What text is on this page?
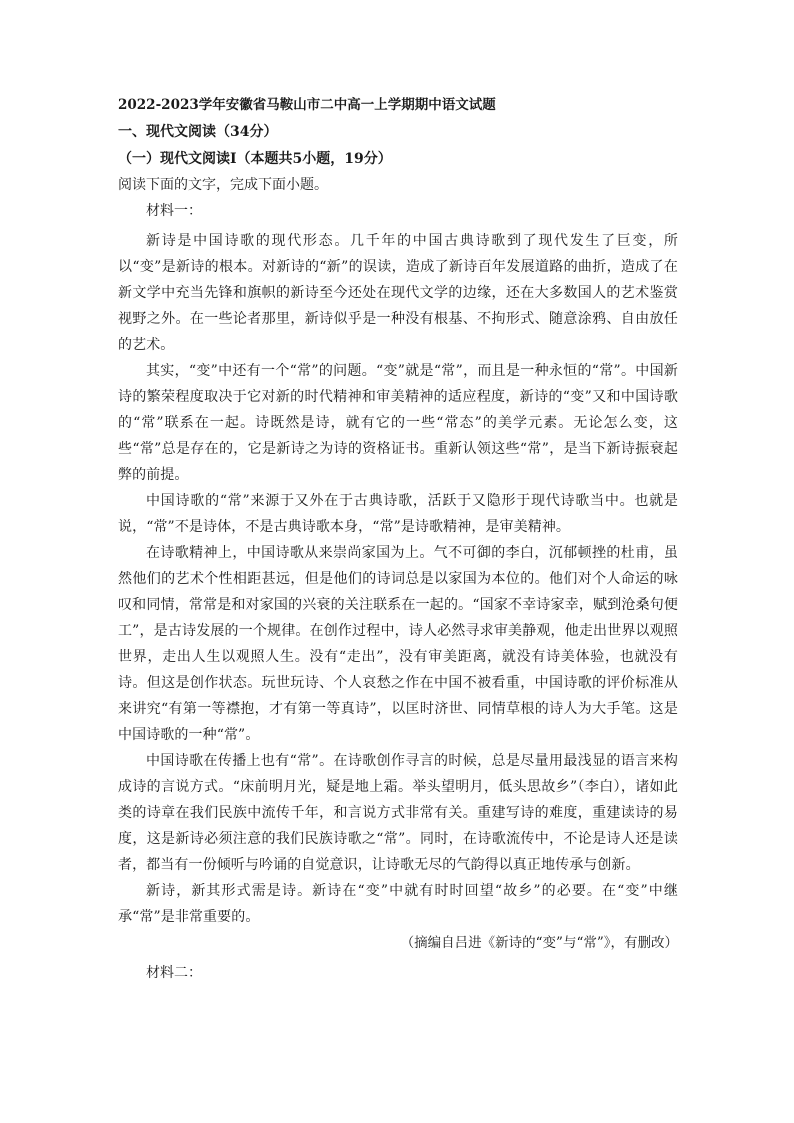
2022-2023学年安徽省马鞍山市二中高一上学期期中语文试题
一、现代文阅读（34分）
（一）现代文阅读Ⅰ（本题共5小题，19分）
阅读下面的文字，完成下面小题。
材料一：

新诗是中国诗歌的现代形态。几千年的中国古典诗歌到了现代发生了巨变，所以“变”是新诗的根本。对新诗的“新”的误读，造成了新诗百年发展道路的曲折，造成了在新文学中充当先锋和旗帜的新诗至今还处在现代文学的边缘，还在大多数国人的艺术鉴赏视野之外。在一些论者那里，新诗似乎是一种没有根基、不拘形式、随意涂鸦、自由放任的艺术。

其实，“变”中还有一个“常”的问题。“变”就是“常”，而且是一种永恒的“常”。中国新诗的繁荣程度取决于它对新的时代精神和审美精神的适应程度，新诗的“变”又和中国诗歌的“常”联系在一起。诗既然是诗，就有它的一些“常态”的美学元素。无论怎么变，这些“常”总是存在的，它是新诗之为诗的资格证书。重新认领这些“常”，是当下新诗振衰起弊的前提。

中国诗歌的“常”来源于又外在于古典诗歌，活跃于又隐形于现代诗歌当中。也就是说，“常”不是诗体，不是古典诗歌本身，“常”是诗歌精神，是审美精神。

在诗歌精神上，中国诗歌从来崇尚家国为上。气不可御的李白，沉郁顿挫的杜甫，虽然他们的艺术个性相距甚远，但是他们的诗词总是以家国为本位的。他们对个人命运的咏叹和同情，常常是和对家国的兴衰的关注联系在一起的。“国家不幸诗家幸，赋到沧桑句便工”，是古诗发展的一个规律。在创作过程中，诗人必然寻求审美静观，他走出世界以观照世界，走出人生以观照人生。没有“走出”，没有审美距离，就没有诗美体验，也就没有诗。但这是创作状态。玩世玩诗、个人哀愁之作在中国不被看重，中国诗歌的评价标准从来讲究“有第一等襟抱，才有第一等真诗”，以匡时济世、同情草根的诗人为大手笔。这是中国诗歌的一种“常”。

中国诗歌在传播上也有“常”。在诗歌创作寻言的时候，总是尽量用最浅显的语言来构成诗的言说方式。“床前明月光，疑是地上霜。举头望明月，低头思故乡”（李白），诸如此类的诗章在我们民族中流传千年，和言说方式非常有关。重建写诗的难度，重建读诗的易度，这是新诗必须注意的我们民族诗歌之“常”。同时，在诗歌流传中，不论是诗人还是读者，都当有一份倾听与吟诵的自觉意识，让诗歌无尽的气韵得以真正地传承与创新。

新诗，新其形式需是诗。新诗在“变”中就有时时回望“故乡”的必要。在“变”中继承“常”是非常重要的。

（摘编自吕进《新诗的“变”与“常”》，有删改）
材料二：
